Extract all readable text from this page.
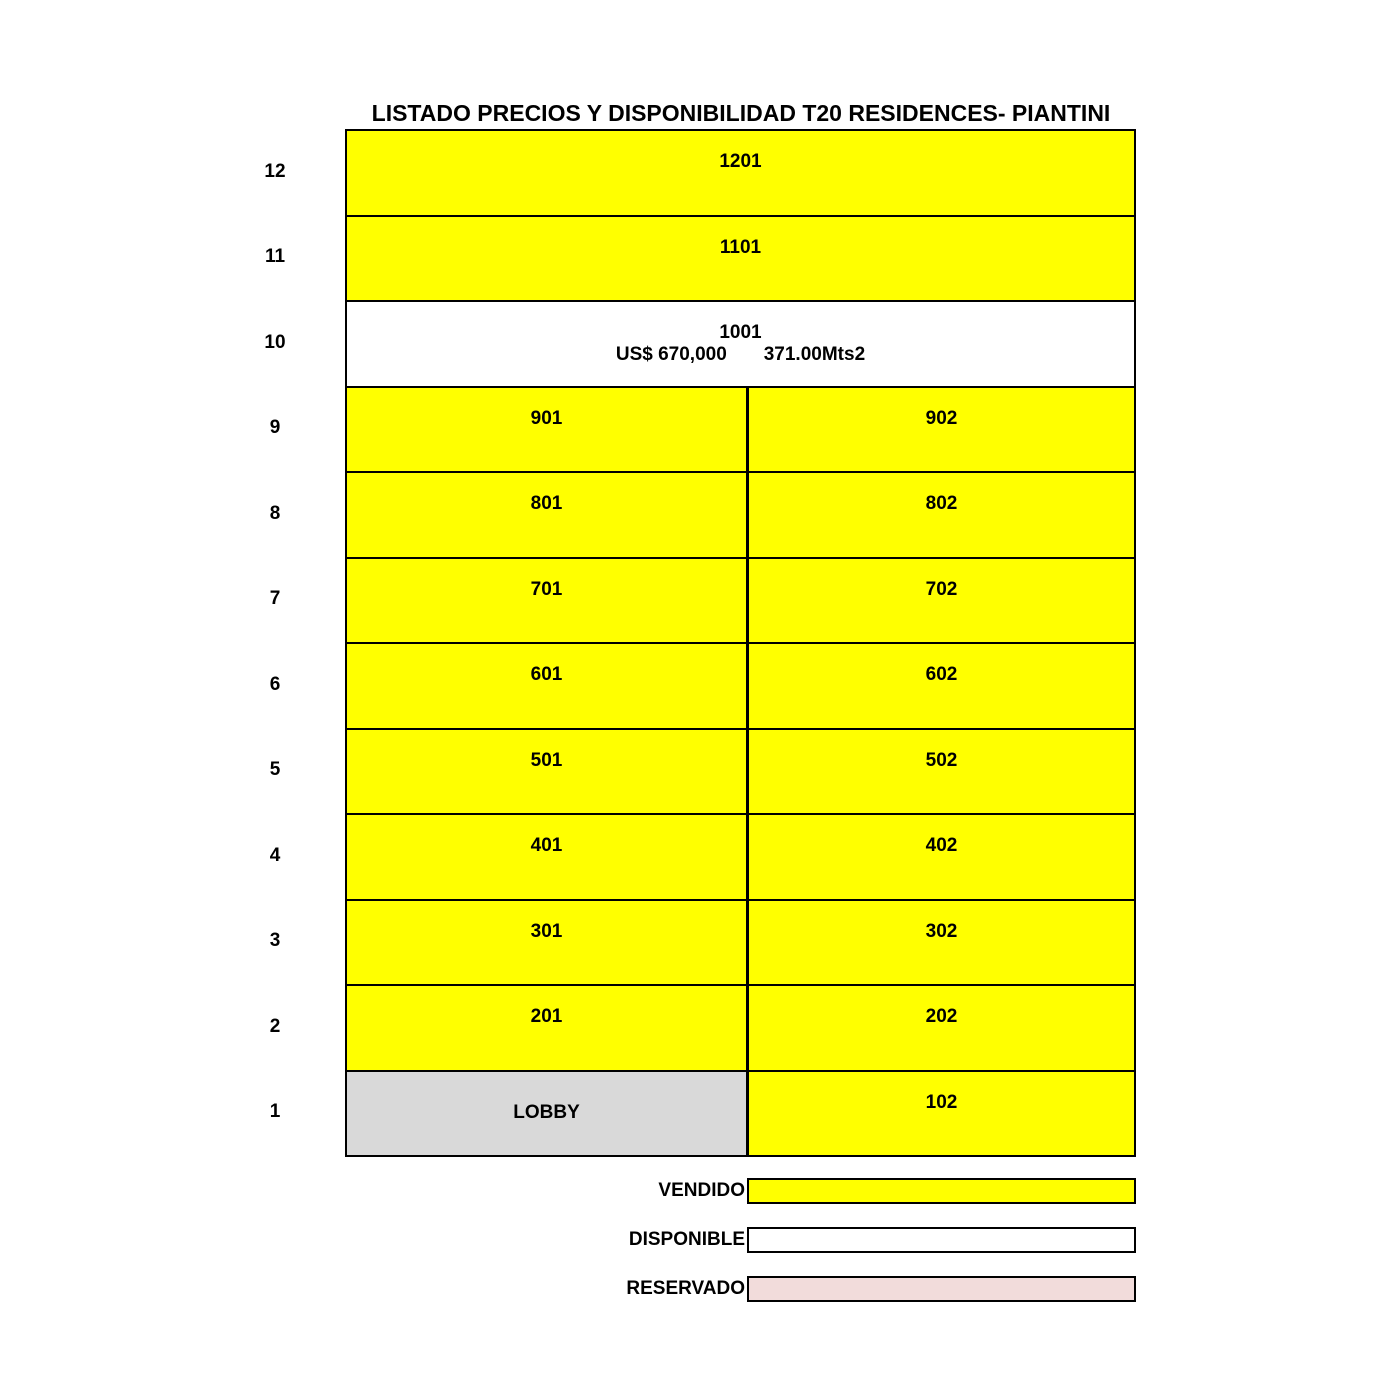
LISTADO PRECIOS Y DISPONIBILIDAD T20 RESIDENCES- PIANTINI
12	1201
11	1101
10	1001
US$ 670,000       371.00Mts2
9	901	902
8	801	802
7	701	702
6	601	602
5	501	502
4	401	402
3	301	302
2	201	202
1	LOBBY	102
VENDIDO
DISPONIBLE
RESERVADO
